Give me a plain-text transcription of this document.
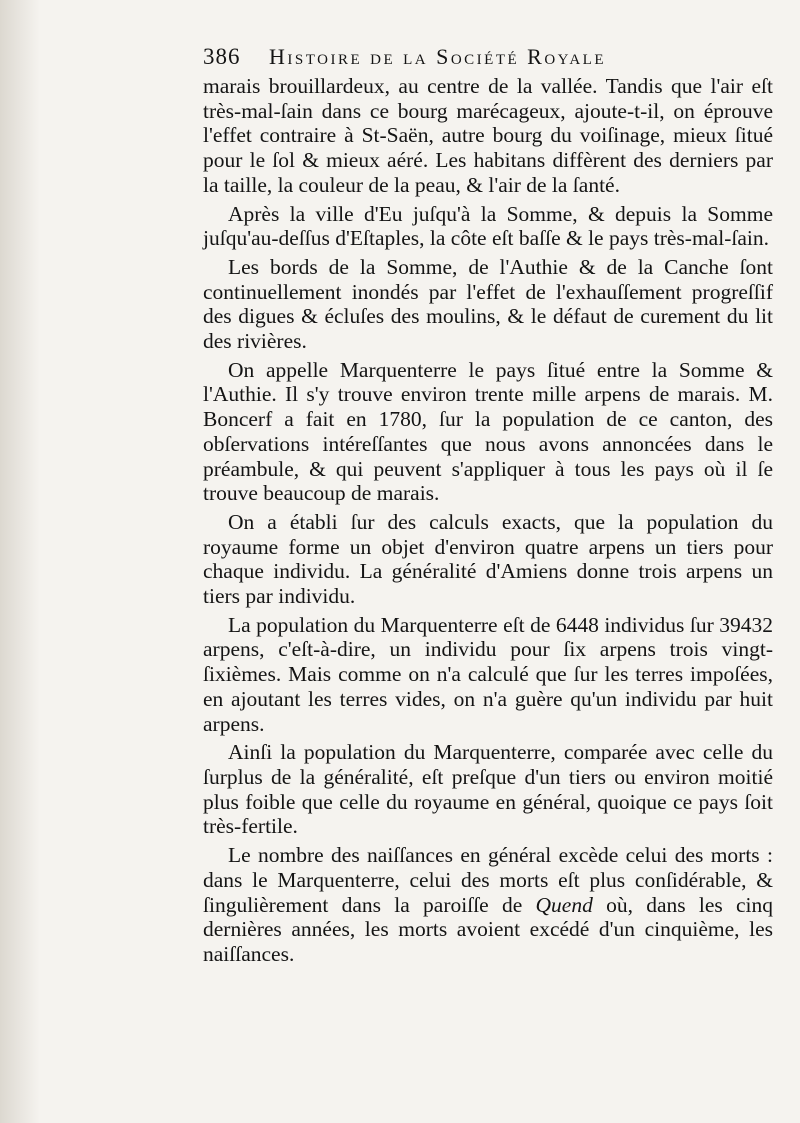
386 Histoire de la Société Royale

marais brouillardeux, au centre de la vallée. Tandis que l'air eſt très-mal-ſain dans ce bourg marécageux, ajoute-t-il, on éprouve l'effet contraire à St-Saën, autre bourg du voiſinage, mieux ſitué pour le ſol & mieux aéré. Les habitans diffèrent des derniers par la taille, la couleur de la peau, & l'air de la ſanté.

Après la ville d'Eu juſqu'à la Somme, & depuis la Somme juſqu'au-deſſus d'Eſtaples, la côte eſt baſſe & le pays très-mal-ſain.

Les bords de la Somme, de l'Authie & de la Canche ſont continuellement inondés par l'effet de l'exhauſſement progreſſif des digues & écluſes des moulins, & le défaut de curement du lit des rivières.

On appelle Marquenterre le pays ſitué entre la Somme & l'Authie. Il s'y trouve environ trente mille arpens de marais. M. Boncerf a fait en 1780, ſur la population de ce canton, des obſervations intéreſſantes que nous avons annoncées dans le préambule, & qui peuvent s'appliquer à tous les pays où il ſe trouve beaucoup de marais.

On a établi ſur des calculs exacts, que la population du royaume forme un objet d'environ quatre arpens un tiers pour chaque individu. La généralité d'Amiens donne trois arpens un tiers par individu.

La population du Marquenterre eſt de 6448 individus ſur 39432 arpens, c'eſt-à-dire, un individu pour ſix arpens trois vingt-ſixièmes. Mais comme on n'a calculé que ſur les terres impoſées, en ajoutant les terres vides, on n'a guère qu'un individu par huit arpens.

Ainſi la population du Marquenterre, comparée avec celle du ſurplus de la généralité, eſt preſque d'un tiers ou environ moitié plus foible que celle du royaume en général, quoique ce pays ſoit très-fertile.

Le nombre des naiſſances en général excède celui des morts : dans le Marquenterre, celui des morts eſt plus conſidérable, & ſingulièrement dans la paroiſſe de Quend où, dans les cinq dernières années, les morts avoient excédé d'un cinquième, les naiſſances.
